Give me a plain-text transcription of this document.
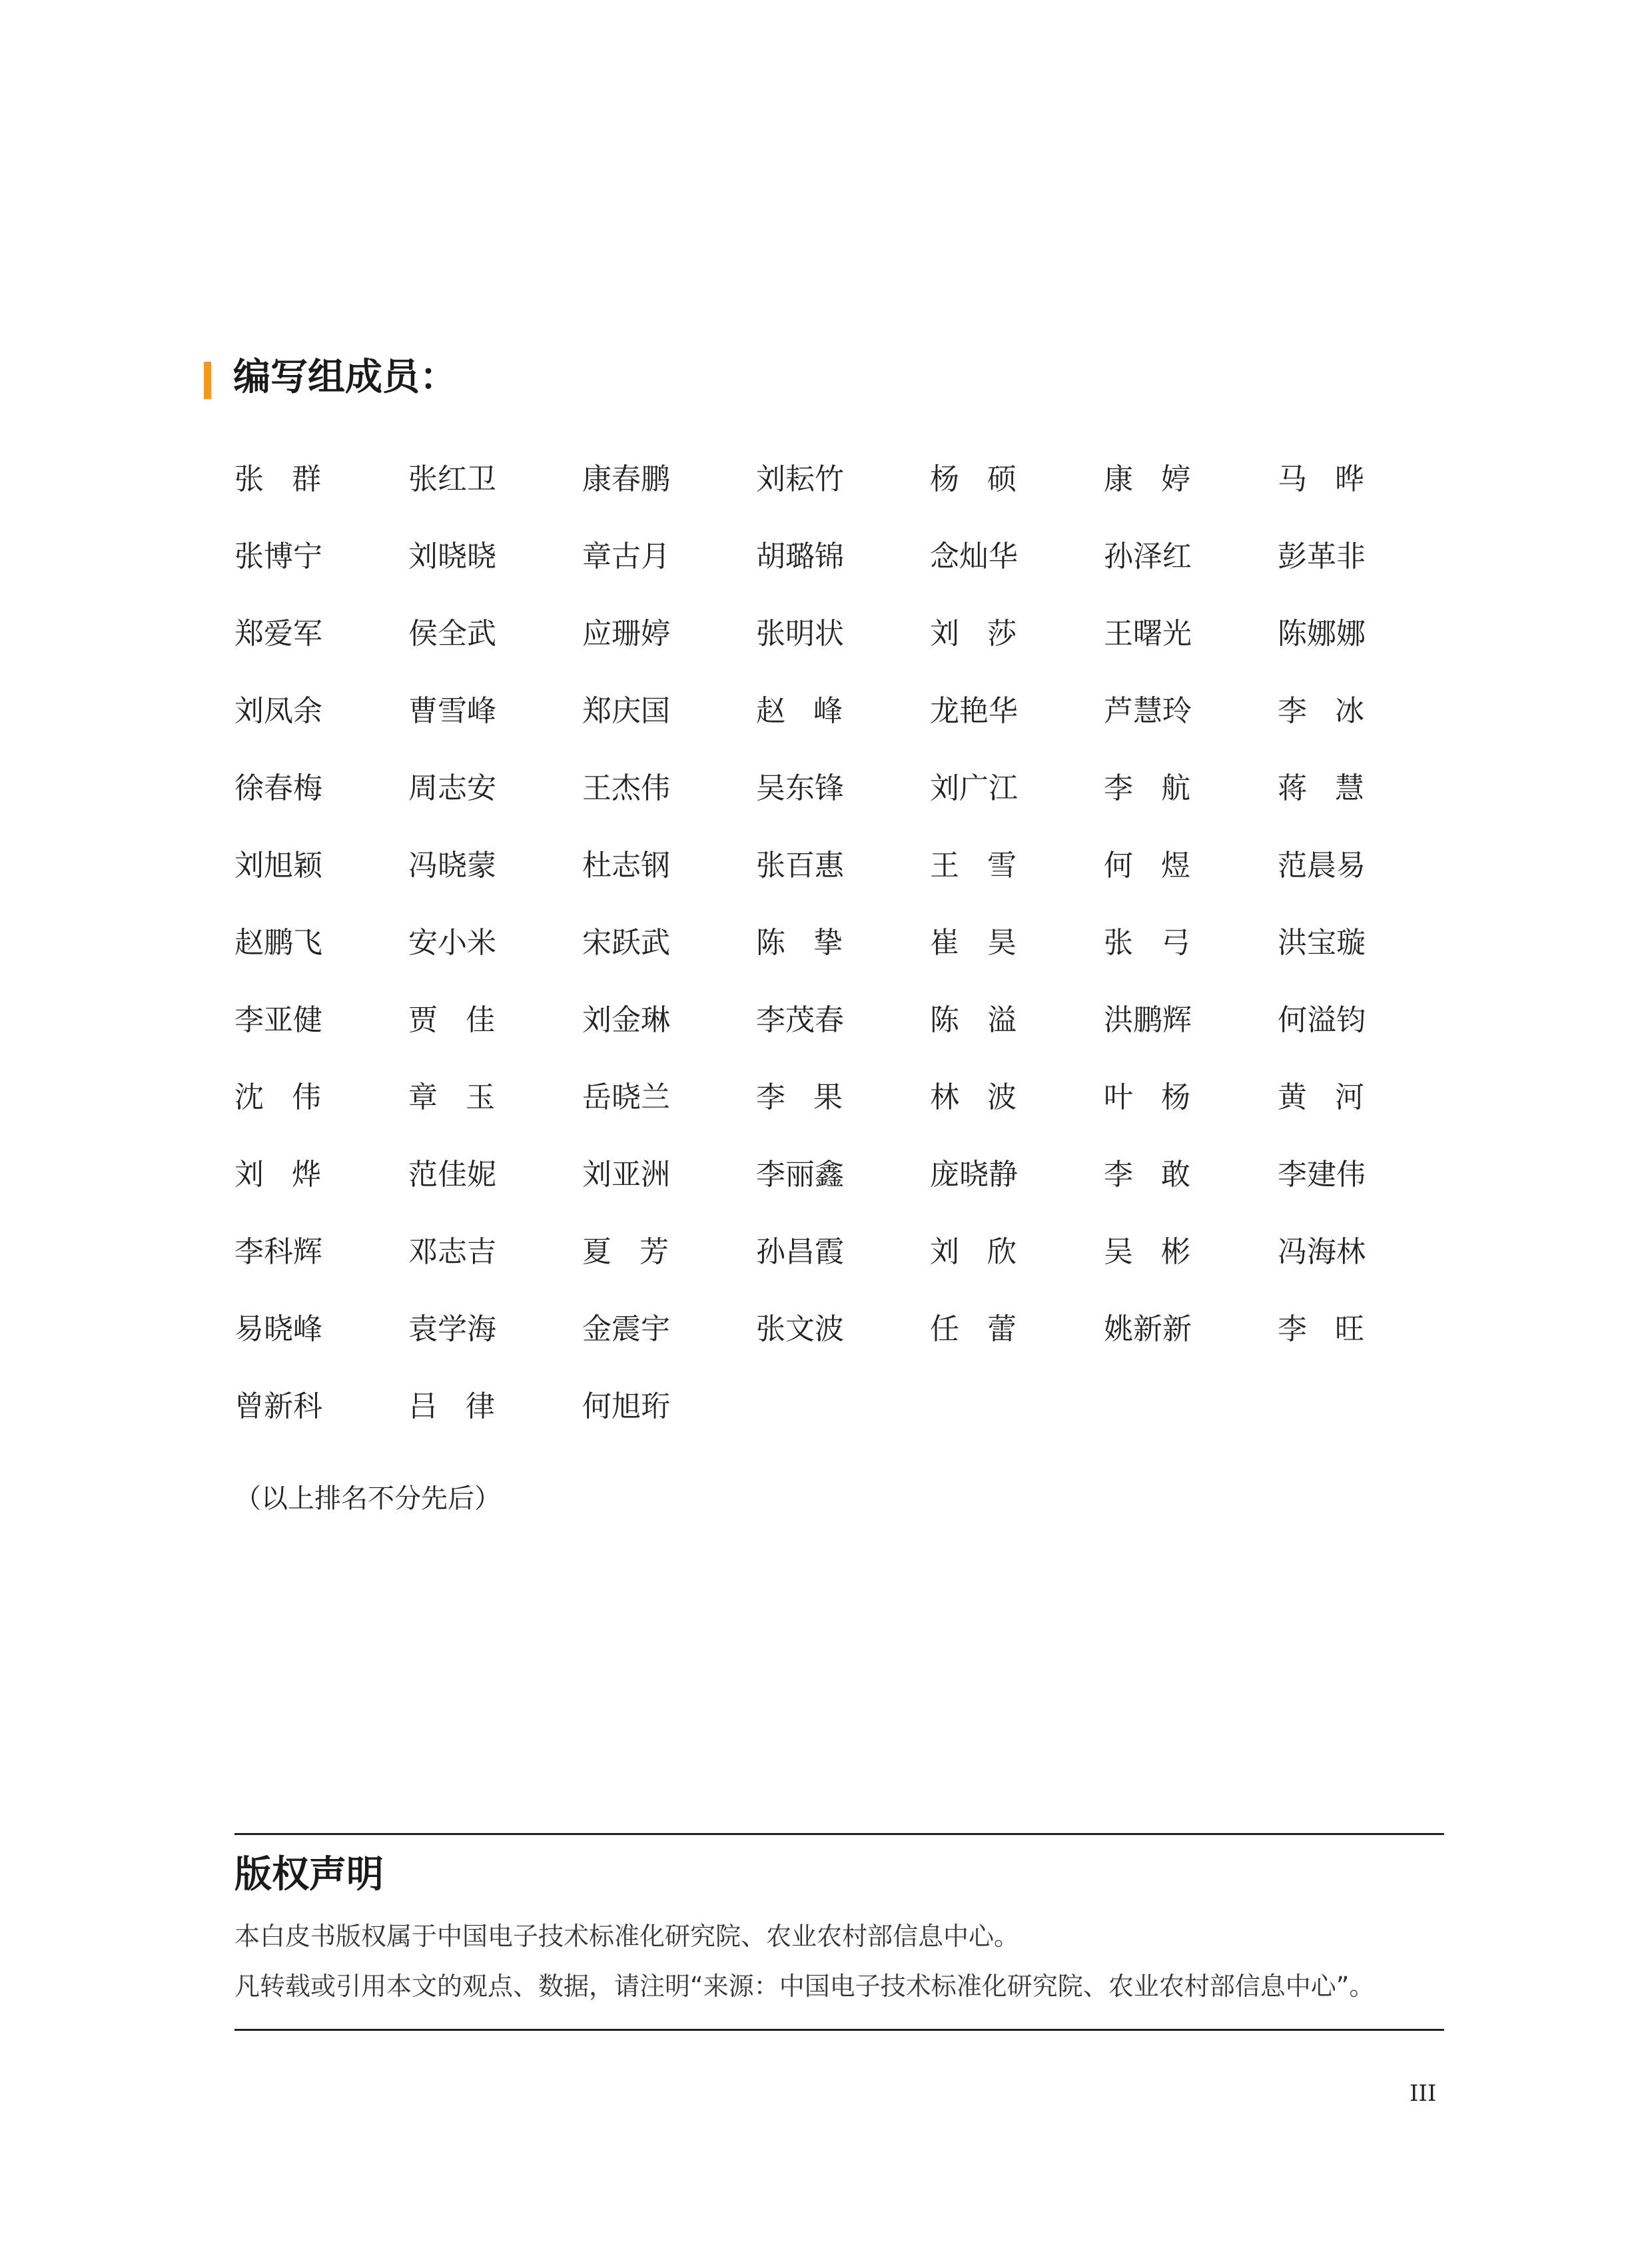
编写组成员：
张 群	张红卫	康春鹏	刘耘竹	杨 硕	康 婷	马 晔
张博宁	刘晓晓	章古月	胡璐锦	念灿华	孙泽红	彭革非
郑爱军	侯全武	应珊婷	张明状	刘 莎	王曙光	陈娜娜
刘凤余	曹雪峰	郑庆国	赵 峰	龙艳华	芦慧玲	李 冰
徐春梅	周志安	王杰伟	吴东锋	刘广江	李 航	蒋 慧
刘旭颖	冯晓蒙	杜志钢	张百惠	王 雪	何 煜	范晨易
赵鹏飞	安小米	宋跃武	陈 挚	崔 昊	张 弓	洪宝璇
李亚健	贾 佳	刘金琳	李茂春	陈 溢	洪鹏辉	何溢钧
沈 伟	章 玉	岳晓兰	李 果	林 波	叶 杨	黄 河
刘 烨	范佳妮	刘亚洲	李丽鑫	庞晓静	李 敢	李建伟
李科辉	邓志吉	夏 芳	孙昌霞	刘 欣	吴 彬	冯海林
易晓峰	袁学海	金震宇	张文波	任 蕾	姚新新	李 旺
曾新科	吕 律	何旭珩
（以上排名不分先后）
版权声明
本白皮书版权属于中国电子技术标准化研究院、农业农村部信息中心。
凡转载或引用本文的观点、数据，请注明“来源：中国电子技术标准化研究院、农业农村部信息中心”。
III
